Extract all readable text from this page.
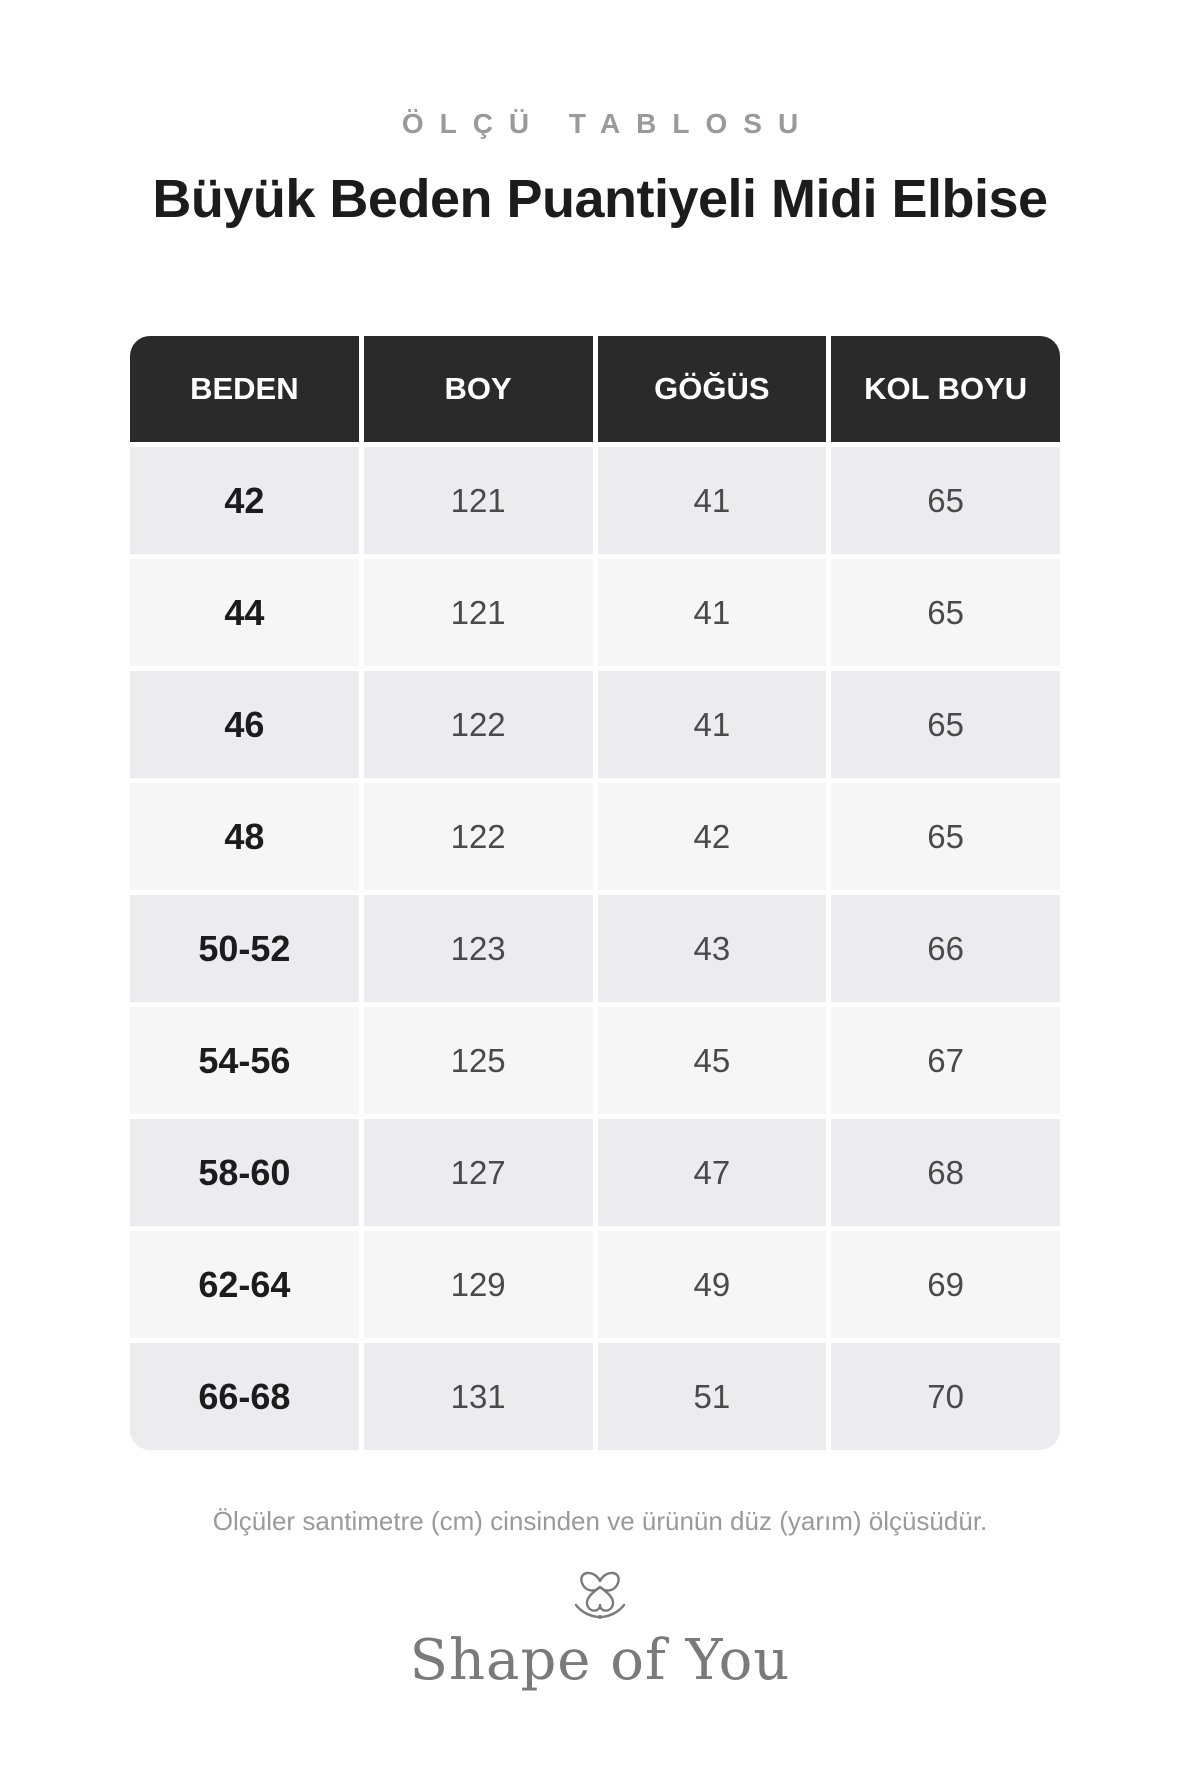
ÖLÇÜ TABLOSU
Büyük Beden Puantiyeli Midi Elbise
BEDEN	BOY	GÖĞÜS	KOL BOYU
42	121	41	65
44	121	41	65
46	122	41	65
48	122	42	65
50-52	123	43	66
54-56	125	45	67
58-60	127	47	68
62-64	129	49	69
66-68	131	51	70
Ölçüler santimetre (cm) cinsinden ve ürünün düz (yarım) ölçüsüdür.
Shape of You
